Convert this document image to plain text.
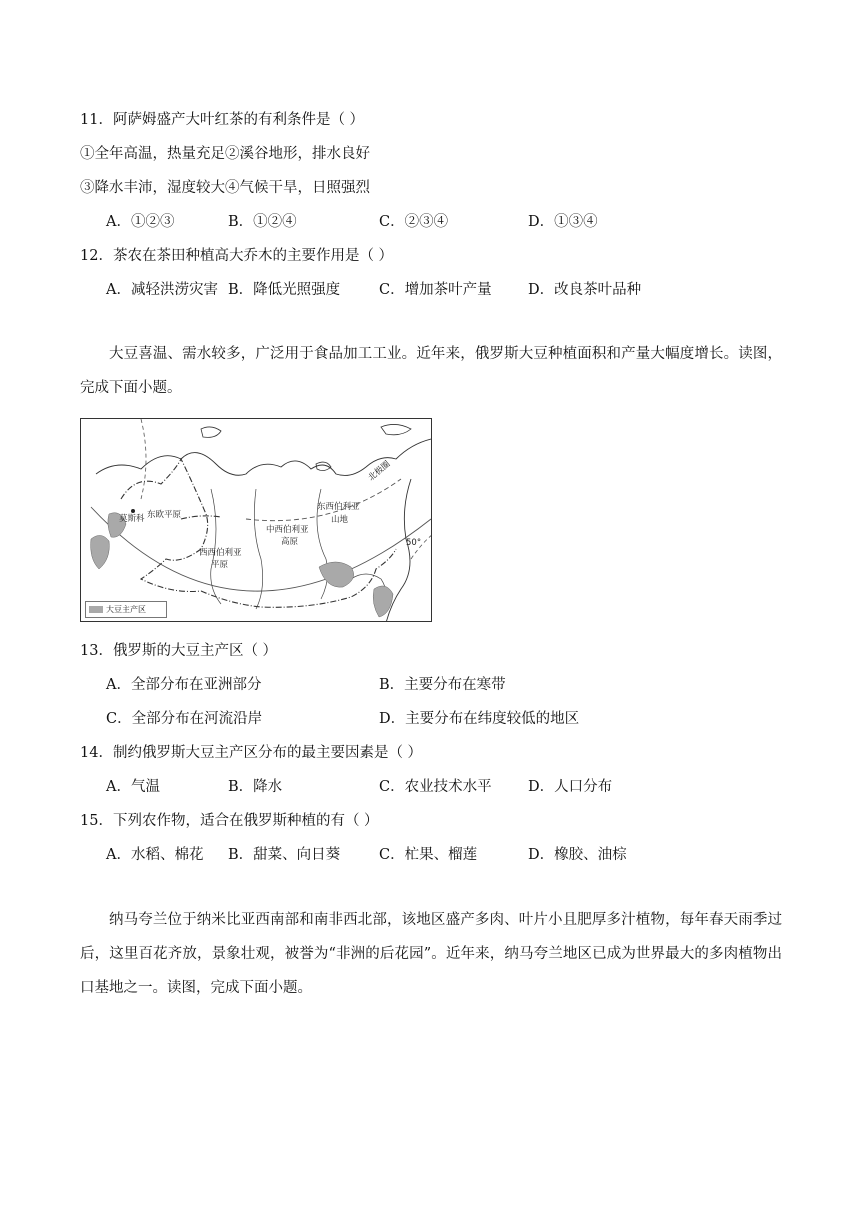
11．阿萨姆盛产大叶红茶的有利条件是（ ）
①全年高温，热量充足②溪谷地形，排水良好
③降水丰沛，湿度较大④气候干旱，日照强烈
A．①②③	B．①②④	C．②③④	D．①③④
12．茶农在茶田种植高大乔木的主要作用是（ ）
A．减轻洪涝灾害 B．降低光照强度	C．增加茶叶产量	D．改良茶叶品种
大豆喜温、需水较多，广泛用于食品加工工业。近年来，俄罗斯大豆种植面积和产量大幅度增长。读图，完成下面小题。
莫斯科 东欧平原
西西伯利亚
平原
中西伯利亚
高原
东西伯利亚
山地
北极圈
50°
大豆主产区
13．俄罗斯的大豆主产区（ ）
A．全部分布在亚洲部分	B．主要分布在寒带
C．全部分布在河流沿岸	D．主要分布在纬度较低的地区
14．制约俄罗斯大豆主产区分布的最主要因素是（ ）
A．气温	B．降水	C．农业技术水平	D．人口分布
15．下列农作物，适合在俄罗斯种植的有（ ）
A．水稻、棉花 B．甜菜、向日葵	C．杧果、榴莲	D．橡胶、油棕
纳马夸兰位于纳米比亚西南部和南非西北部，该地区盛产多肉、叶片小且肥厚多汁植物，每年春天雨季过后，这里百花齐放，景象壮观，被誉为“非洲的后花园”。近年来，纳马夸兰地区已成为世界最大的多肉植物出口基地之一。读图，完成下面小题。
